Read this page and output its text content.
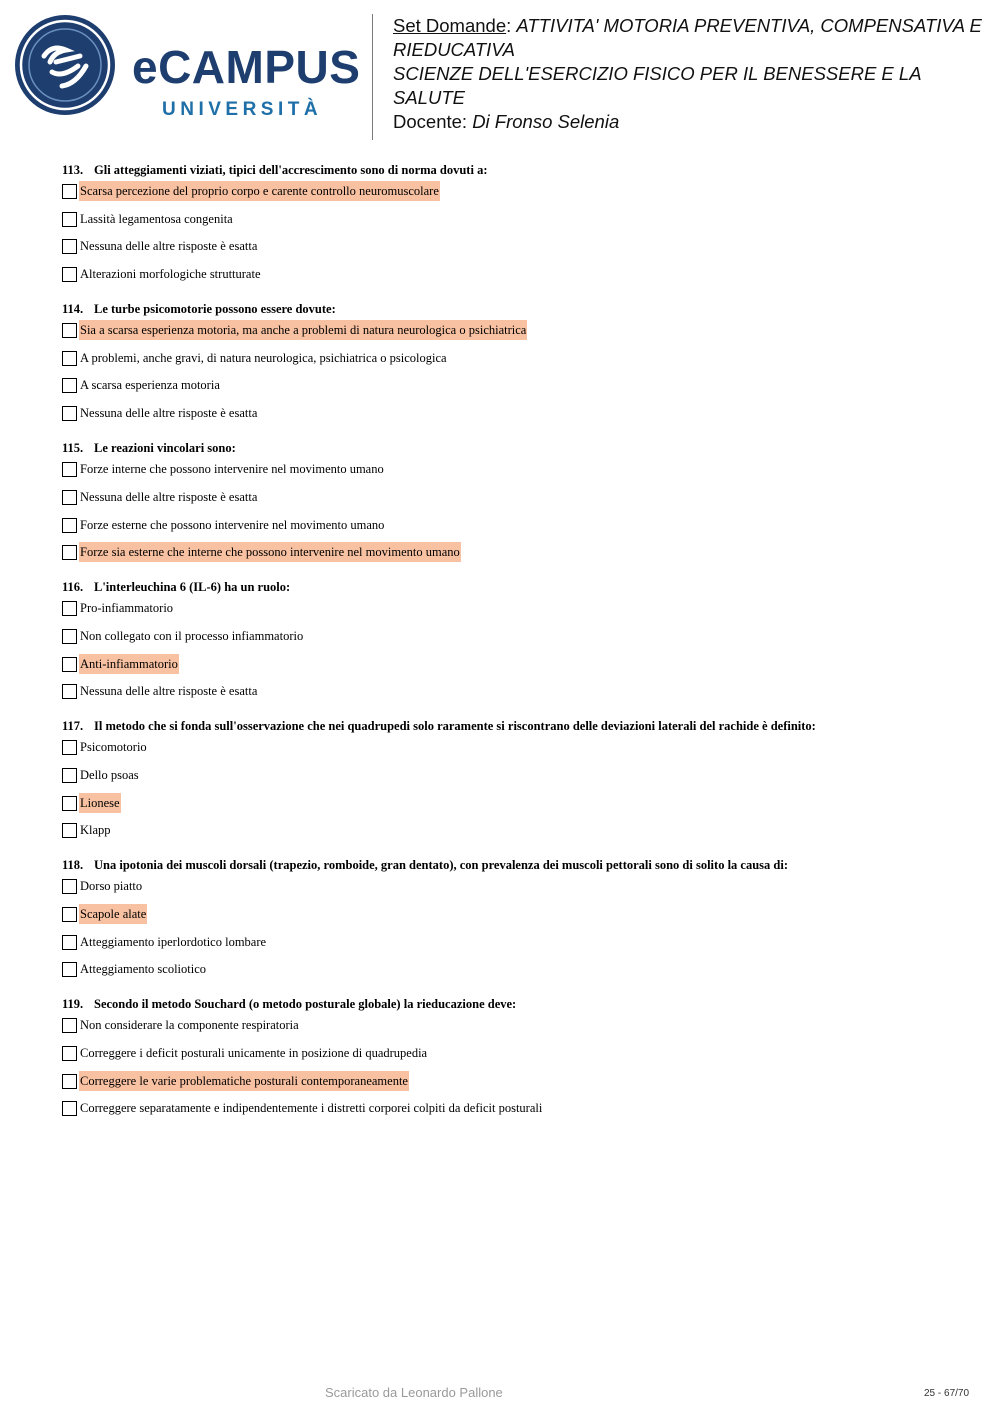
eCAMPUS
UNIVERSITÀ
Set Domande: ATTIVITA' MOTORIA PREVENTIVA, COMPENSATIVA E
RIEDUCATIVA
SCIENZE DELL'ESERCIZIO FISICO PER IL BENESSERE E LA
SALUTE
Docente: Di Fronso Selenia
113. Gli atteggiamenti viziati, tipici dell'accrescimento sono di norma dovuti a:
Scarsa percezione del proprio corpo e carente controllo neuromuscolare
Lassità legamentosa congenita
Nessuna delle altre risposte è esatta
Alterazioni morfologiche strutturate
114. Le turbe psicomotorie possono essere dovute:
Sia a scarsa esperienza motoria, ma anche a problemi di natura neurologica o psichiatrica
A problemi, anche gravi, di natura neurologica, psichiatrica o psicologica
A scarsa esperienza motoria
Nessuna delle altre risposte è esatta
115. Le reazioni vincolari sono:
Forze interne che possono intervenire nel movimento umano
Nessuna delle altre risposte è esatta
Forze esterne che possono intervenire nel movimento umano
Forze sia esterne che interne che possono intervenire nel movimento umano
116. L'interleuchina 6 (IL-6) ha un ruolo:
Pro-infiammatorio
Non collegato con il processo infiammatorio
Anti-infiammatorio
Nessuna delle altre risposte è esatta
117. Il metodo che si fonda sull'osservazione che nei quadrupedi solo raramente si riscontrano delle deviazioni laterali del rachide è definito:
Psicomotorio
Dello psoas
Lionese
Klapp
118. Una ipotonia dei muscoli dorsali (trapezio, romboide, gran dentato), con prevalenza dei muscoli pettorali sono di solito la causa di:
Dorso piatto
Scapole alate
Atteggiamento iperlordotico lombare
Atteggiamento scoliotico
119. Secondo il metodo Souchard (o metodo posturale globale) la rieducazione deve:
Non considerare la componente respiratoria
Correggere i deficit posturali unicamente in posizione di quadrupedia
Correggere le varie problematiche posturali contemporaneamente
Correggere separatamente e indipendentemente i distretti corporei colpiti da deficit posturali
Scaricato da Leonardo Pallone	25 - 67/70
